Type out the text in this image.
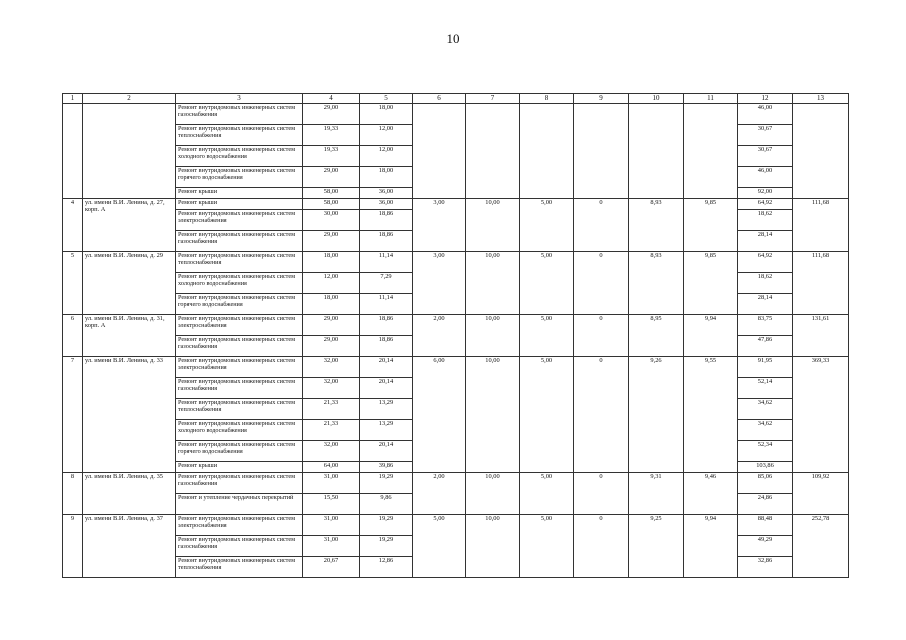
10
1	2	3	4	5	6	7	8	9	10	11	12	13
		Ремонт внутридомовых инженерных систем газоснабжения	29,00	18,00							46,00	
		Ремонт внутридомовых инженерных систем теплоснабжения	19,33	12,00							30,67	
		Ремонт внутридомовых инженерных систем холодного водоснабжения	19,33	12,00							30,67	
		Ремонт внутридомовых инженерных систем горячего водоснабжения	29,00	18,00							46,00	
		Ремонт крыши	58,00	36,00							92,00	
4	ул. имени В.И. Ленина, д. 27, корп. А	Ремонт крыши	58,00	36,00	3,00	10,00	5,00	0	8,93	9,85	64,92	111,68
		Ремонт внутридомовых инженерных систем электроснабжения	30,00	18,86							18,62	
		Ремонт внутридомовых инженерных систем газоснабжения	29,00	18,86							28,14	
5	ул. имени В.И. Ленина, д. 29	Ремонт внутридомовых инженерных систем теплоснабжения	18,00	11,14	3,00	10,00	5,00	0	8,93	9,85	64,92	111,68
		Ремонт внутридомовых инженерных систем холодного водоснабжения	12,00	7,29							18,62	
		Ремонт внутридомовых инженерных систем горячего водоснабжения	18,00	11,14							28,14	
6	ул. имени В.И. Ленина, д. 31, корп. А	Ремонт внутридомовых инженерных систем электроснабжения	29,00	18,86	2,00	10,00	5,00	0	8,95	9,94	83,75	131,61
		Ремонт внутридомовых инженерных систем газоснабжения	29,00	18,86							47,86	
7	ул. имени В.И. Ленина, д. 33	Ремонт внутридомовых инженерных систем электроснабжения	32,00	20,14	6,00	10,00	5,00	0	9,26	9,55	91,95	369,33
		Ремонт внутридомовых инженерных систем газоснабжения	32,00	20,14							52,14	
		Ремонт внутридомовых инженерных систем теплоснабжения	21,33	13,29							34,62	
		Ремонт внутридомовых инженерных систем холодного водоснабжения	21,33	13,29							34,62	
		Ремонт внутридомовых инженерных систем горячего водоснабжения	32,00	20,14							52,34	
		Ремонт крыши	64,00	39,86							103,86	
8	ул. имени В.И. Ленина, д. 35	Ремонт внутридомовых инженерных систем газоснабжения	31,00	19,29	2,00	10,00	5,00	0	9,31	9,46	85,06	109,92
		Ремонт и утепление чердачных перекрытий	15,50	9,86							24,86	
9	ул. имени В.И. Ленина, д. 37	Ремонт внутридомовых инженерных систем электроснабжения	31,00	19,29	5,00	10,00	5,00	0	9,25	9,94	88,48	252,78
		Ремонт внутридомовых инженерных систем газоснабжения	31,00	19,29							49,29	
		Ремонт внутридомовых инженерных систем теплоснабжения	20,67	12,86							32,86	
